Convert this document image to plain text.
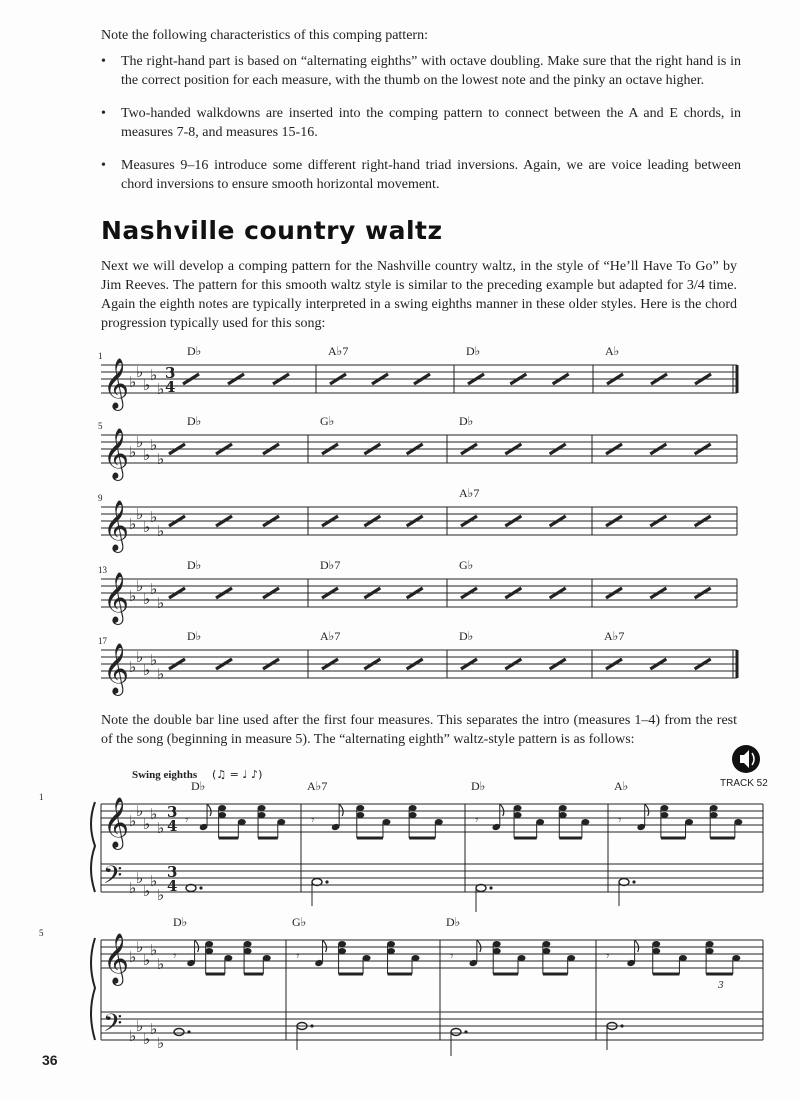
Note the following characteristics of this comping pattern:
• The right-hand part is based on “alternating eighths” with octave doubling. Make sure that the right hand is in the correct position for each measure, with the thumb on the lowest note and the pinky an octave higher.
• Two-handed walkdowns are inserted into the comping pattern to connect between the A and E chords, in measures 7-8, and measures 15-16.
• Measures 9–16 introduce some different right-hand triad inversions. Again, we are voice leading between chord inversions to ensure smooth horizontal movement.
Nashville country waltz
Next we will develop a comping pattern for the Nashville country waltz, in the style of “He’ll Have To Go” by Jim Reeves. The pattern for this smooth waltz style is similar to the preceding example but adapted for 3/4 time. Again the eighth notes are typically interpreted in a swing eighths manner in these older styles. Here is the chord progression typically used for this song:
1
𝄞 ♭
♭
♭
♭
♭
3
4
D♭	A♭7	D♭	A♭
5
𝄞 ♭
♭
♭
♭
♭
D♭	G♭	D♭
9
𝄞 ♭
♭
♭
♭
♭
A♭7
13
𝄞 ♭
♭
♭
♭
♭
D♭	D♭7	G♭
17
𝄞 ♭
♭
♭
♭
♭
D♭	A♭7	D♭	A♭7
Swing eighths (♫ = ♩ ♪)
TRACK 52
1 𝄞
𝄢
♭
♭
♭
♭
♭
♭
♭
♭
♭
♭
3
4
3
4
D♭
𝄾
A♭7
𝄾
D♭
𝄾
A♭
𝄾
5 𝄞
𝄢
♭
♭
♭
♭
♭
♭
♭
♭
♭
♭
D♭
𝄾
G♭
𝄾
D♭
𝄾	𝄾
3
Note the double bar line used after the first four measures. This separates the intro (measures 1–4) from the rest of the song (beginning in measure 5). The “alternating eighth” waltz-style pattern is as follows:
36
